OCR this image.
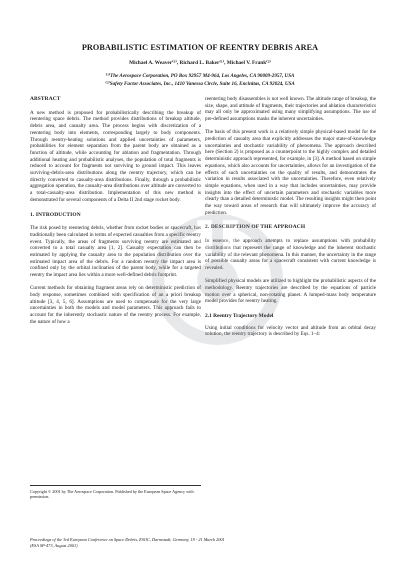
PROBABILISTIC ESTIMATION OF REENTRY DEBRIS AREA
Michael A. Weaver⁽¹⁾, Richard L. Baker⁽¹⁾, Michael V. Frank⁽²⁾
⁽¹⁾The Aerospace Corporation, PO Box 92957 M4-964, Los Angeles, CA 90009-2957, USA
⁽²⁾Safety Factor Associates, Inc., 1410 Vanessa Circle, Suite 16, Encinitas, CA 92024, USA
ABSTRACT

A new method is proposed for probabilistically describing the breakup of reentering space debris. The method provides distributions of breakup altitude, debris area, and casualty area. The process begins with discretization of a reentering body into elements, corresponding largely to body components. Through reentry-heating solutions and applied uncertainties of parameters, probabilities for element separation from the parent body are obtained as a function of altitude, while accounting for ablation and fragmentation. Through additional heating and probabilistic analyses, the population of total fragments is reduced to account for fragments not surviving to ground impact. This leaves surviving-debris-area distributions along the reentry trajectory, which can be directly converted to casualty-area distributions. Finally, through a probabilistic aggregation operation, the casualty-area distributions over altitude are converted to a total-casualty-area distribution. Implementation of this new method is demonstrated for several components of a Delta II 2nd stage rocket body.

1. INTRODUCTION

The risk posed by reentering debris, whether from rocket bodies or spacecraft, has traditionally been calculated in terms of expected casualties from a specific reentry event. Typically, the areas of fragments surviving reentry are estimated and converted to a total casualty area [1, 2]. Casualty expectation can then be estimated by applying the casualty area to the population distribution over the estimated impact area of the debris. For a random reentry the impact area is confined only by the orbital inclination of the parent body, while for a targeted reentry the impact area lies within a more well-defined debris footprint.

Current methods for obtaining fragment areas rely on deterministic prediction of body response, sometimes combined with specification of an a priori breakup altitude [3, 4, 5, 6]. Assumptions are used to compensate for the very large uncertainties in both the models and model parameters. This approach fails to account for the inherently stochastic nature of the reentry process. For example, the nature of how a

reentering body disassembles is not well known. The altitude range of breakup, the size, shape, and attitude of fragments, their trajectories and ablation characteristics may all only be approximated using many simplifying assumptions. The use of pre-defined assumptions masks the inherent uncertainties.

The basis of this present work is a relatively simple physical-based model for the prediction of casualty area that explicitly addresses the major state-of-knowledge uncertainties and stochastic variability of phenomena. The approach described here (Section 2) is proposed as a counterpoint to the highly complex and detailed deterministic approach represented, for example, in [3]. A method based on simple equations, which also accounts for uncertainties, allows for an investigation of the effects of such uncertainties on the quality of results, and demonstrates the variation in results associated with the uncertainties. Therefore, even relatively simple equations, when used in a way that includes uncertainties, may provide insights into the effect of uncertain parameters and stochastic variables more clearly than a detailed deterministic model. The resulting insights might then point the way toward areas of research that will ultimately improve the accuracy of prediction.

2. DESCRIPTION OF THE APPROACH

In essence, the approach attempts to replace assumptions with probability distributions that represent the range of knowledge and the inherent stochastic variability of the relevant phenomena. In this manner, the uncertainty in the range of possible casualty areas for a spacecraft consistent with current knowledge is revealed.

Simplified physical models are utilized to highlight the probabilistic aspects of the methodology. Reentry trajectories are described by the equations of particle motion over a spherical, non-rotating planet. A lumped-mass body temperature model provides for reentry heating.

2.1 Reentry Trajectory Model

Using initial conditions for velocity vector and altitude from an orbital decay solution, the reentry trajectory is described by Eqs. 1–4:

Copyright © 2001 by The Aerospace Corporation. Published by the European Space Agency with permission.
Proceedings of the 3rd European Conference on Space Debris, ESOC, Darmstadt, Germany, 19 - 21 March 2001
(ESA SP-473, August 2001)
